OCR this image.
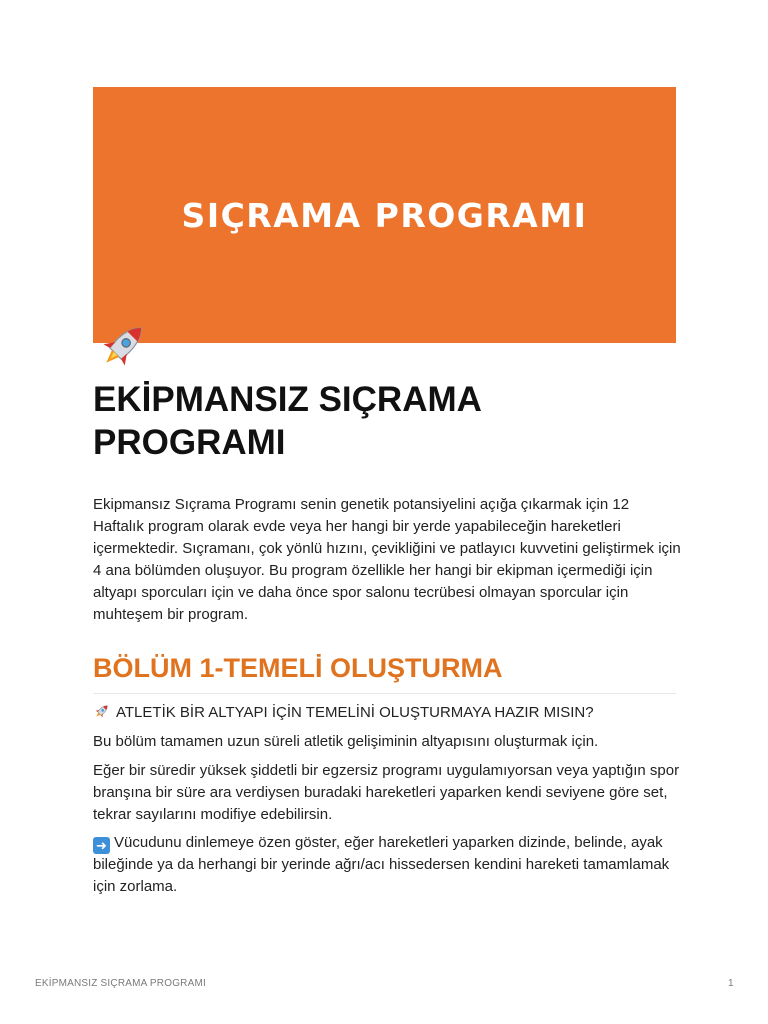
SIÇRAMA PROGRAMI
EKİPMANSIZ SIÇRAMA PROGRAMI

Ekipmansız Sıçrama Programı senin genetik potansiyelini açığa çıkarmak için 12 Haftalık program olarak evde veya her hangi bir yerde yapabileceğin hareketleri içermektedir. Sıçramanı, çok yönlü hızını, çevikliğini ve patlayıcı kuvvetini geliştirmek için 4 ana bölümden oluşuyor. Bu program özellikle her hangi bir ekipman içermediği için altyapı sporcuları için ve daha önce spor salonu tecrübesi olmayan sporcular için muhteşem bir program.

BÖLÜM 1-TEMELİ OLUŞTURMA

ATLETİK BİR ALTYAPI İÇİN TEMELİNİ OLUŞTURMAYA HAZIR MISIN?

Bu bölüm tamamen uzun süreli atletik gelişiminin altyapısını oluşturmak için.

Eğer bir süredir yüksek şiddetli bir egzersiz programı uygulamıyorsan veya yaptığın spor branşına bir süre ara verdiysen buradaki hareketleri yaparken kendi seviyene göre set, tekrar sayılarını modifiye edebilirsin.

➜ Vücudunu dinlemeye özen göster, eğer hareketleri yaparken dizinde, belinde, ayak bileğinde ya da herhangi bir yerinde ağrı/acı hissedersen kendini hareketi tamamlamak için zorlama.

EKİPMANSIZ SIÇRAMA PROGRAMI	1
